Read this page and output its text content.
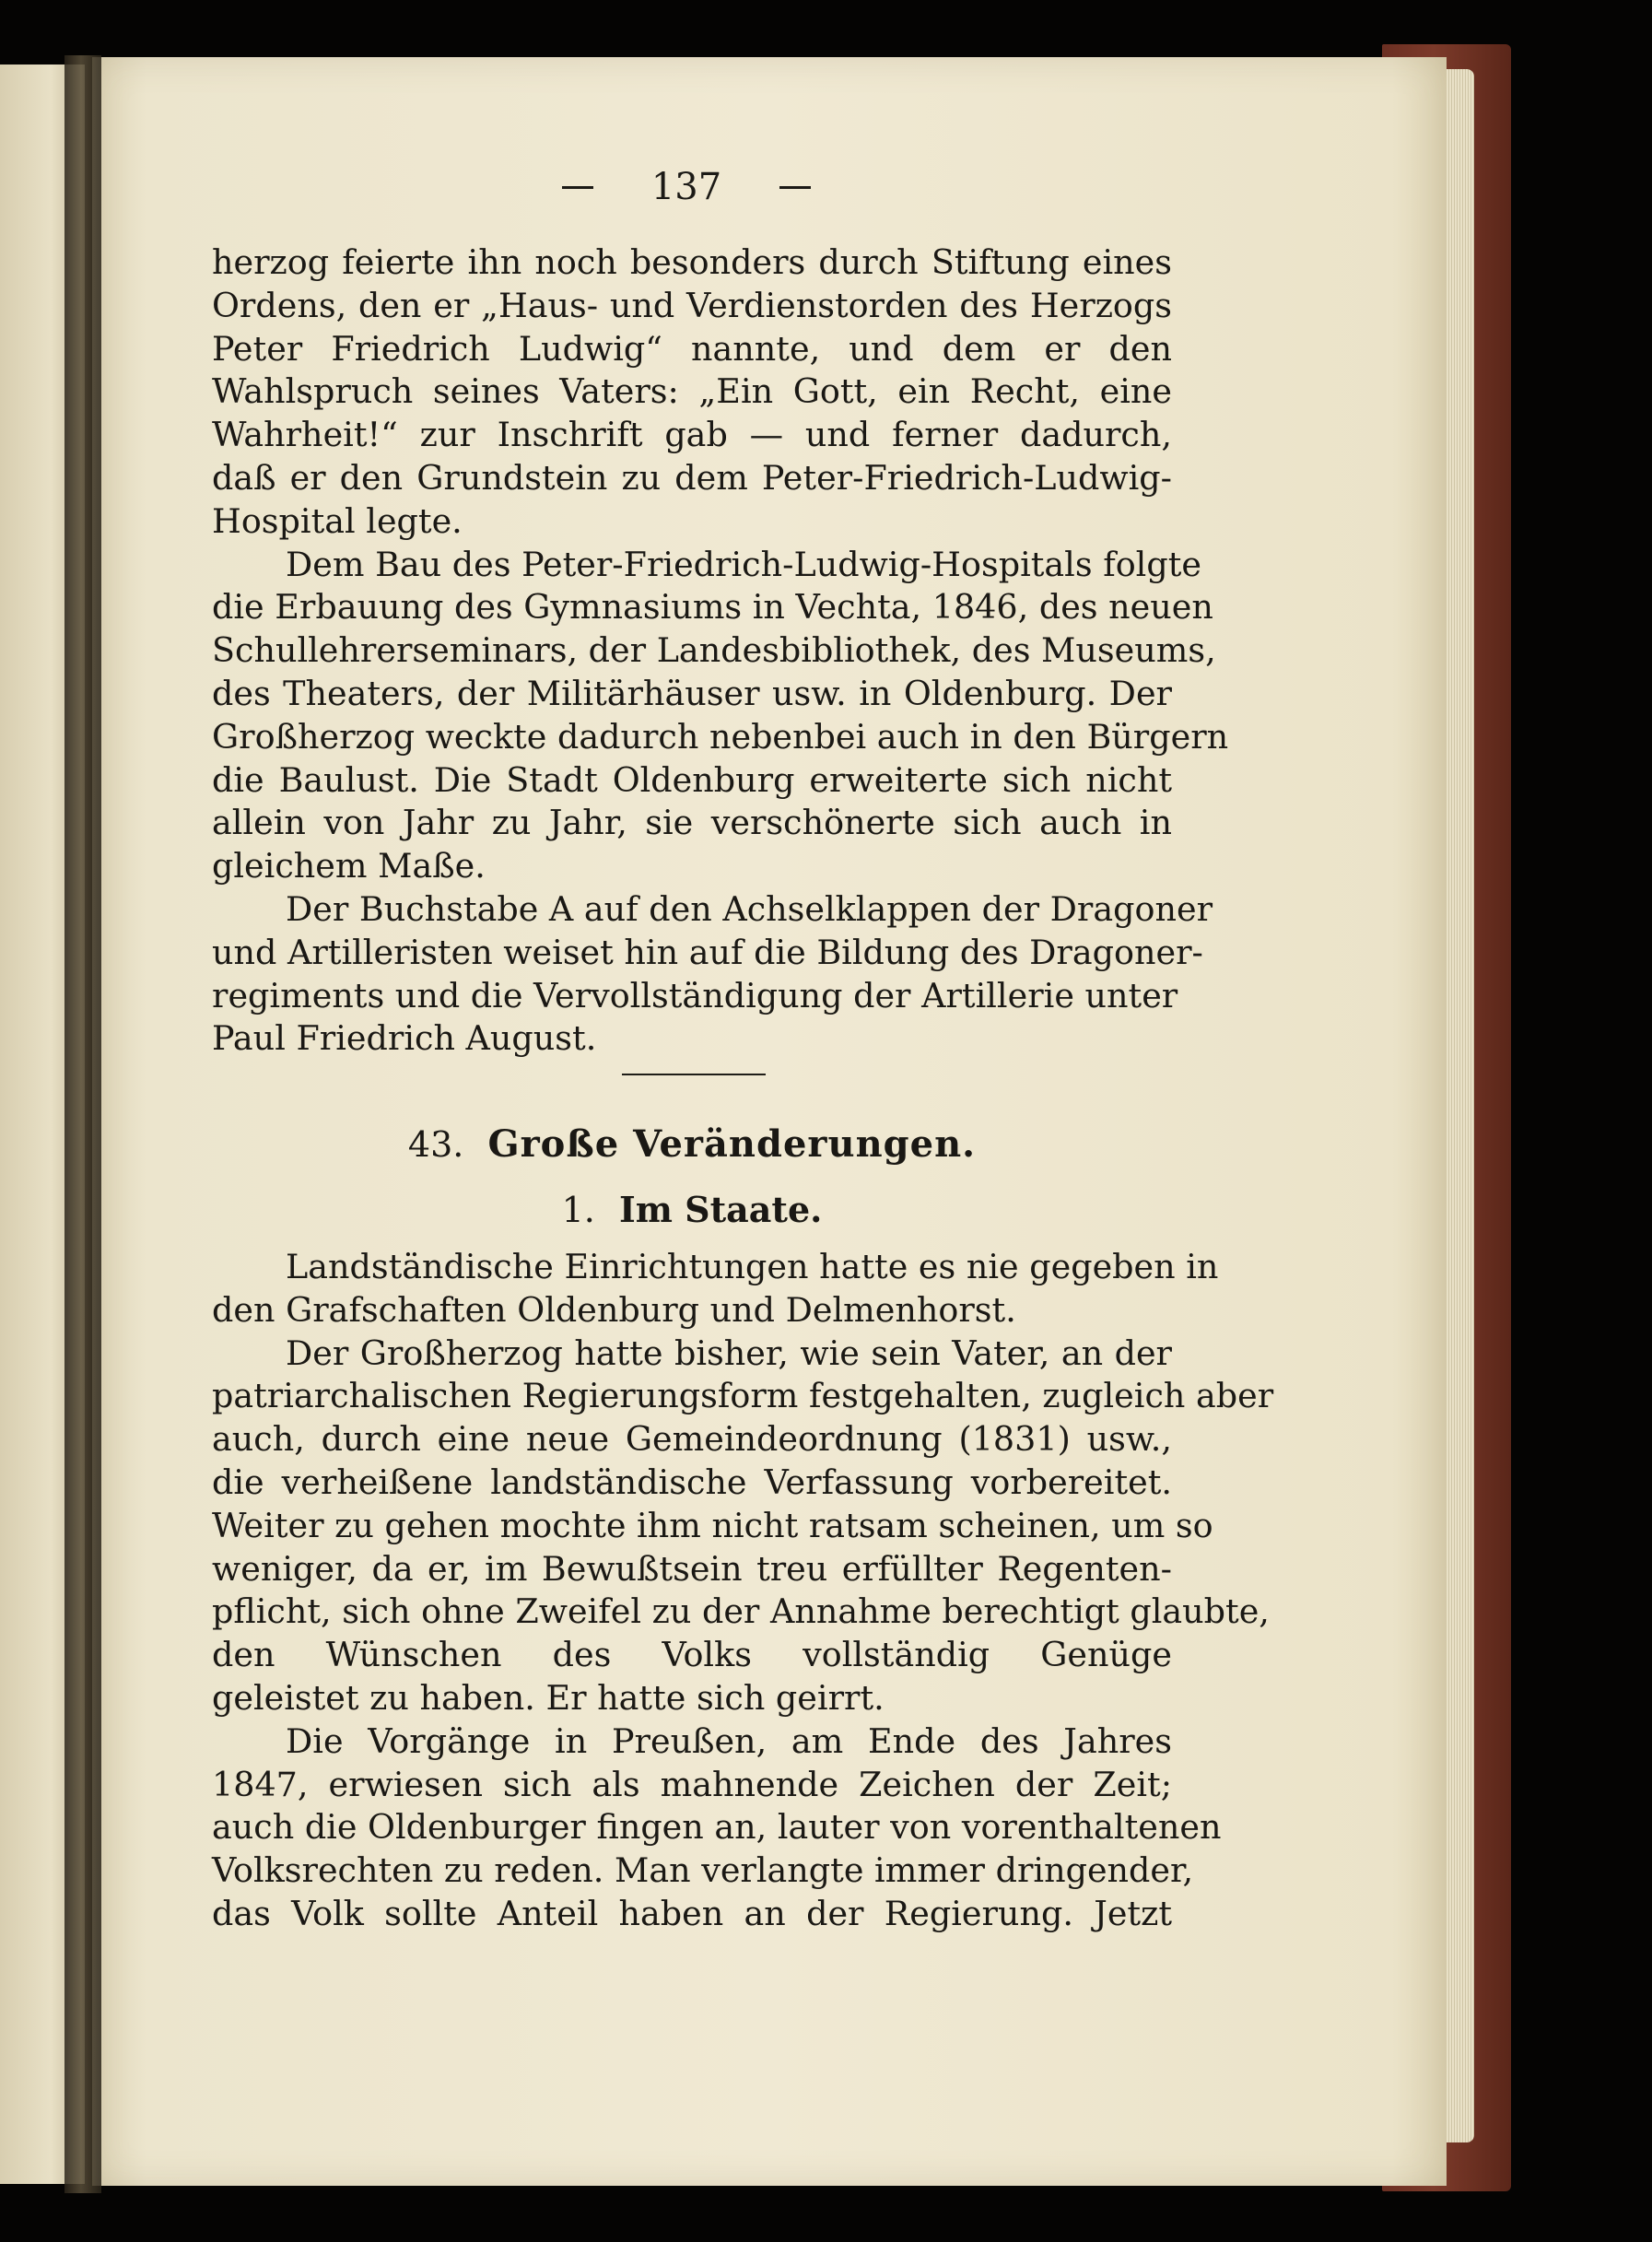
137
herzog feierte ihn noch besonders durch Stiftung eines
Ordens, den er „Haus- und Verdienstorden des Herzogs
Peter Friedrich Ludwig“ nannte, und dem er den
Wahlspruch seines Vaters: „Ein Gott, ein Recht, eine
Wahrheit!“ zur Inschrift gab — und ferner dadurch,
daß er den Grundstein zu dem Peter-Friedrich-Ludwig-
Hospital legte.
Dem Bau des Peter-Friedrich-Ludwig-Hospitals folgte
die Erbauung des Gymnasiums in Vechta, 1846, des neuen
Schullehrerseminars, der Landesbibliothek, des Museums,
des Theaters, der Militärhäuser usw. in Oldenburg. Der
Großherzog weckte dadurch nebenbei auch in den Bürgern
die Baulust. Die Stadt Oldenburg erweiterte sich nicht
allein von Jahr zu Jahr, sie verschönerte sich auch in
gleichem Maße.
Der Buchstabe A auf den Achselklappen der Dragoner
und Artilleristen weiset hin auf die Bildung des Dragoner-
regiments und die Vervollständigung der Artillerie unter
Paul Friedrich August.
43. Große Veränderungen.
1. Im Staate.
Landständische Einrichtungen hatte es nie gegeben in
den Grafschaften Oldenburg und Delmenhorst.
Der Großherzog hatte bisher, wie sein Vater, an der
patriarchalischen Regierungsform festgehalten, zugleich aber
auch, durch eine neue Gemeindeordnung (1831) usw.,
die verheißene landständische Verfassung vorbereitet.
Weiter zu gehen mochte ihm nicht ratsam scheinen, um so
weniger, da er, im Bewußtsein treu erfüllter Regenten-
pflicht, sich ohne Zweifel zu der Annahme berechtigt glaubte,
den Wünschen des Volks vollständig Genüge
geleistet zu haben. Er hatte sich geirrt.
Die Vorgänge in Preußen, am Ende des Jahres
1847, erwiesen sich als mahnende Zeichen der Zeit;
auch die Oldenburger fingen an, lauter von vorenthaltenen
Volksrechten zu reden. Man verlangte immer dringender,
das Volk sollte Anteil haben an der Regierung. Jetzt
